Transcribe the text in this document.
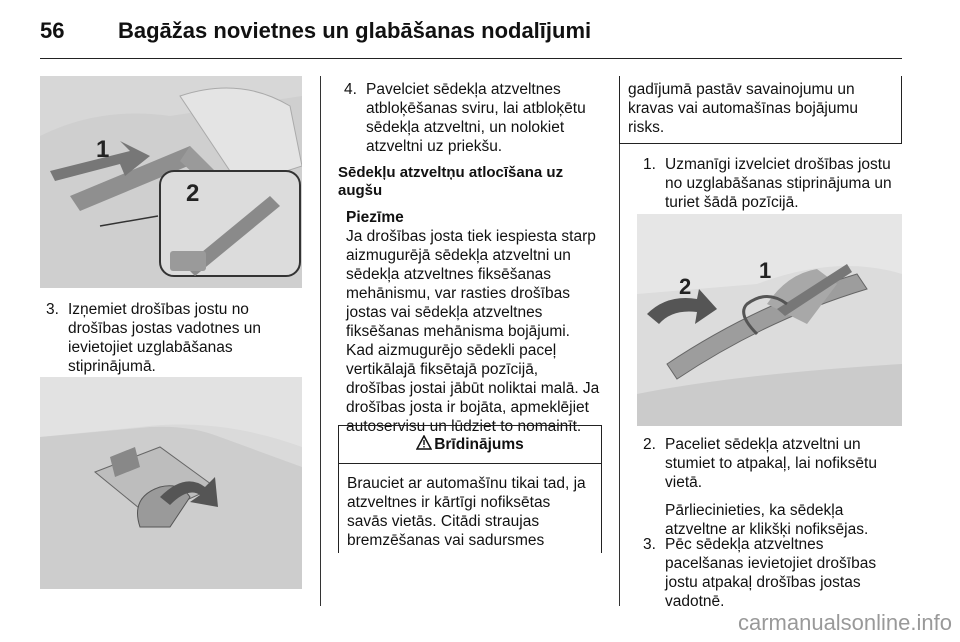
56 Bagāžas novietnes un glabāšanas nodalījumi
1
2
3. Izņemiet drošības jostu no
drošības jostas vadotnes un
ievietojiet uzglabāšanas
stiprinājumā.
4. Pavelciet sēdekļa atzveltnes
atbloķēšanas sviru, lai atbloķētu
sēdekļa atzveltni, un nolokiet
atzveltni uz priekšu.
Sēdekļu atzveltņu atlocīšana uz
augšu
Piezīme
Ja drošības josta tiek iespiesta starp
aizmugurējā sēdekļa atzveltni un
sēdekļa atzveltnes fiksēšanas
mehānismu, var rasties drošības
jostas vai sēdekļa atzveltnes
fiksēšanas mehānisma bojājumi.
Kad aizmugurējo sēdekli paceļ
vertikālajā fiksētajā pozīcijā,
drošības jostai jābūt noliktai malā. Ja
drošības josta ir bojāta, apmeklējiet
autoservisu un lūdziet to nomainīt.
Brīdinājums
Brauciet ar automašīnu tikai tad, ja
atzveltnes ir kārtīgi nofiksētas
savās vietās. Citādi straujas
bremzēšanas vai sadursmes
gadījumā pastāv savainojumu un
kravas vai automašīnas bojājumu
risks.
1. Uzmanīgi izvelciet drošības jostu
no uzglabāšanas stiprinājuma un
turiet šādā pozīcijā.
1
2
2. Paceliet sēdekļa atzveltni un
stumiet to atpakaļ, lai nofiksētu
vietā.
Pārliecinieties, ka sēdekļa
atzveltne ar klikšķi nofiksējas.
3. Pēc sēdekļa atzveltnes
pacelšanas ievietojiet drošības
jostu atpakaļ drošības jostas
vadotnē.
carmanualsonline.info
